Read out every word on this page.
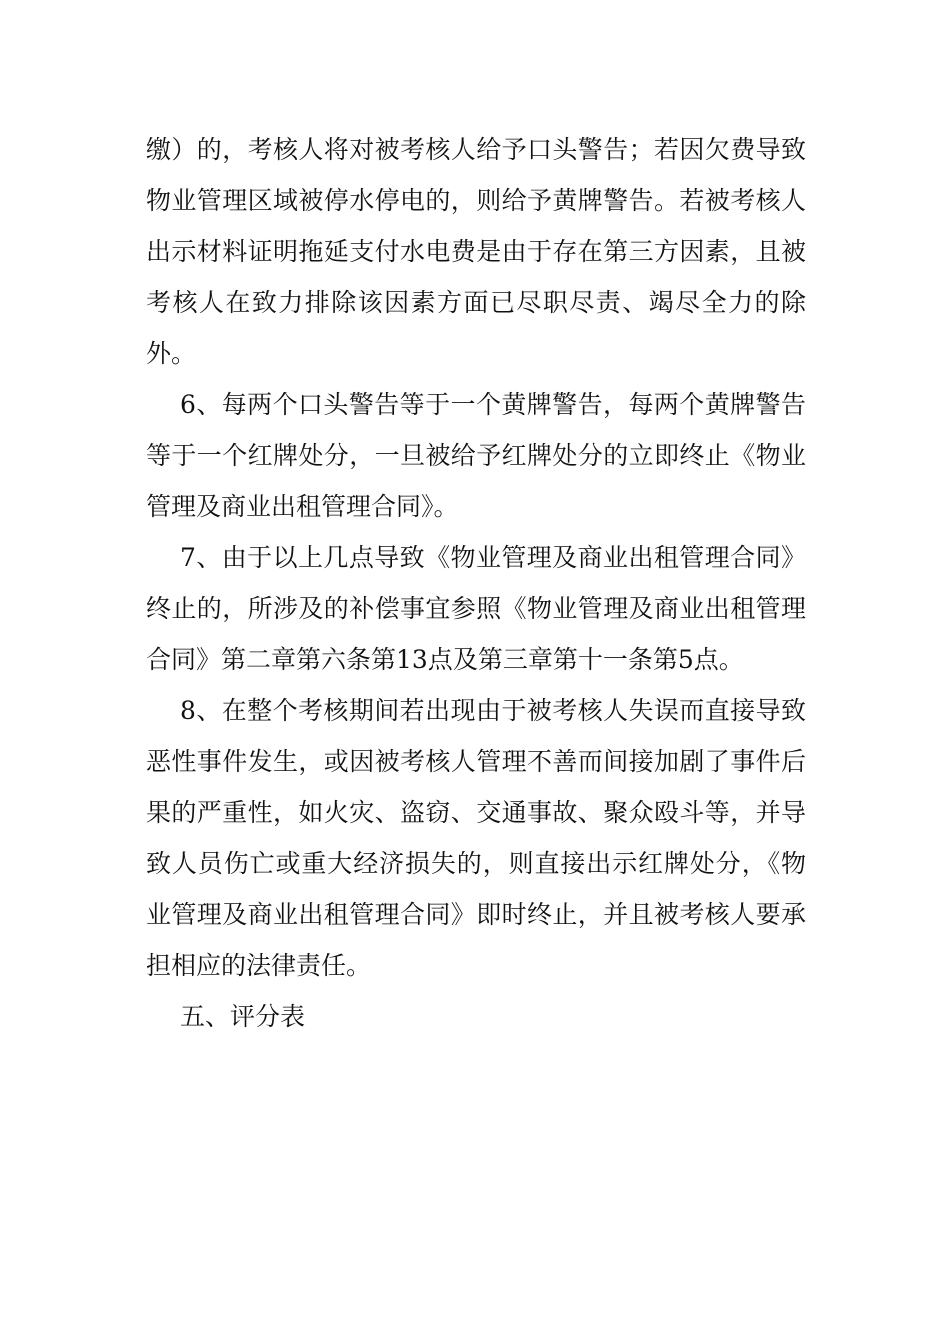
缴）的，考核人将对被考核人给予口头警告；若因欠费导致物业管理区域被停水停电的，则给予黄牌警告。若被考核人出示材料证明拖延支付水电费是由于存在第三方因素，且被考核人在致力排除该因素方面已尽职尽责、竭尽全力的除外。

6、每两个口头警告等于一个黄牌警告，每两个黄牌警告等于一个红牌处分，一旦被给予红牌处分的立即终止《物业管理及商业出租管理合同》。

7、由于以上几点导致《物业管理及商业出租管理合同》终止的，所涉及的补偿事宜参照《物业管理及商业出租管理合同》第二章第六条第13点及第三章第十一条第5点。

8、在整个考核期间若出现由于被考核人失误而直接导致恶性事件发生，或因被考核人管理不善而间接加剧了事件后果的严重性，如火灾、盗窃、交通事故、聚众殴斗等，并导致人员伤亡或重大经济损失的，则直接出示红牌处分，《物业管理及商业出租管理合同》即时终止，并且被考核人要承担相应的法律责任。

五、评分表
